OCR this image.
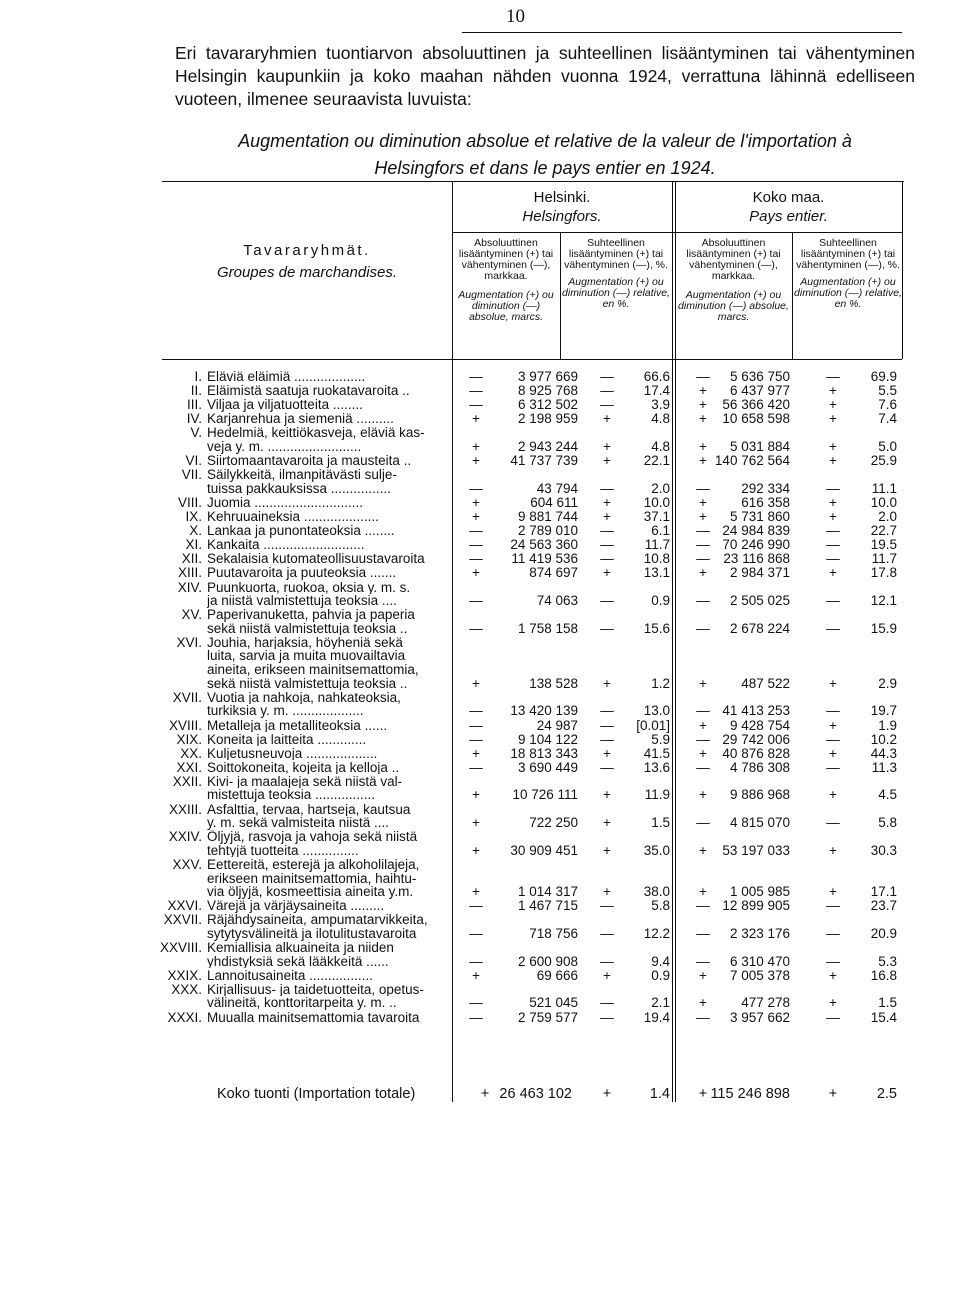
10
Eri tavararyhmien tuontiarvon absoluuttinen ja suhteellinen lisääntyminen tai vähentyminen Helsingin kaupunkiin ja koko maahan nähden vuonna 1924, verrattuna lähinnä edelliseen vuoteen, ilmenee seuraavista luvuista:
Augmentation ou diminution absolue et relative de la valeur de l'importation à
Helsingfors et dans le pays entier en 1924.
Tavararyhmät.
Groupes de marchandises.
Helsinki.
Helsingfors.
Koko maa.
Pays entier.
Absoluuttinen lisääntyminen (+) tai vähentyminen (—), markkaa.
Augmentation (+) ou diminution (—) absolue, marcs.
Suhteellinen lisääntyminen (+) tai vähentyminen (—), %.
Augmentation (+) ou diminution (—) relative, en %.
Absoluuttinen lisääntyminen (+) tai vähentyminen (—), markkaa.
Augmentation (+) ou diminution (—) absolue, marcs.
Suhteellinen lisääntyminen (+) tai vähentyminen (—), %.
Augmentation (+) ou diminution (—) relative, en %.
I. Eläviä eläimiä ...................	—	3 977 669 — 66.6 — 5 636 750	— 69.9
II. Eläimistä saatuja ruokatavaroita ..	—	8 925 768 — 17.4	+	6 437 977	+	5.5
III. Viljaa ja viljatuotteita ........	—	6 312 502 —	3.9	+	56 366 420	+	7.6
IV. Karjanrehua ja siemeniä ..........	+	2 198 959	+	4.8	+	10 658 598	+	7.4
V. Hedelmiä, keittiökasveja, eläviä kas-
veja y. m. .........................	+	2 943 244	+	4.8	+	5 031 884	+	5.0
VI. Siirtomaantavaroita ja mausteita ..	+	41 737 739	+	22.1	+ 140 762 564	+	25.9
VII. Säilykkeitä, ilmanpitävästi sulje-
tuissa pakkauksissa ................	—	43 794 —	2.0 — 292 334	— 11.1
VIII. Juomia .............................	+	604 611	+	10.0	+	616 358	+	10.0
IX. Kehruuaineksia ....................	+	9 881 744	+	37.1	+	5 731 860	+	2.0
X. Lankaa ja punontateoksia ........	—	2 789 010 —	6.1 — 24 984 839	— 22.7
XI. Kankaita ...........................	— 24 563 360 — 11.7 — 70 246 990	— 19.5
XII. Sekalaisia kutomateollisuustavaroita	— 11 419 536 — 10.8 — 23 116 868	— 11.7
XIII. Puutavaroita ja puuteoksia .......	+	874 697	+	13.1	+	2 984 371	+	17.8
XIV. Puunkuorta, ruokoa, oksia y. m. s.
ja niistä valmistettuja teoksia ....	—	74 063 —	0.9 — 2 505 025	— 12.1
XV. Paperivanuketta, pahvia ja paperia
sekä niistä valmistettuja teoksia ..	—	1 758 158 — 15.6 — 2 678 224	— 15.9
XVI. Jouhia, harjaksia, höyheniä sekä
luita, sarvia ja muita muovailtavia
aineita, erikseen mainitsemattomia,
sekä niistä valmistettuja teoksia ..	+	138 528	+	1.2	+	487 522	+	2.9
XVII. Vuotia ja nahkoja, nahkateoksia,
turkiksia y. m. ...................	— 13 420 139 — 13.0 — 41 413 253	— 19.7
XVIII. Metalleja ja metalliteoksia ......	—	24 987 — [0.01]	+	9 428 754	+	1.9
XIX. Koneita ja laitteita .............	—	9 104 122 —	5.9 — 29 742 006	— 10.2
XX. Kuljetusneuvoja ...................	+	18 813 343	+	41.5	+	40 876 828	+	44.3
XXI. Soittokoneita, kojeita ja kelloja ..	—	3 690 449 — 13.6 — 4 786 308	— 11.3
XXII. Kivi- ja maalajeja sekä niistä val-
mistettuja teoksia ................	+	10 726 111	+	11.9	+	9 886 968	+	4.5
XXIII. Asfalttia, tervaa, hartseja, kautsua
y. m. sekä valmisteita niistä ....	+	722 250	+	1.5 — 4 815 070	—	5.8
XXIV. Öljyjä, rasvoja ja vahoja sekä niistä
tehtyjä tuotteita ...............	+	30 909 451	+	35.0	+	53 197 033	+	30.3
XXV. Eettereitä, esterejä ja alkoholilajeja,
erikseen mainitsemattomia, haihtu-
via öljyjä, kosmeettisia aineita y.m.	+	1 014 317	+	38.0	+	1 005 985	+	17.1
XXVI. Värejä ja värjäysaineita .........	—	1 467 715 —	5.8 — 12 899 905	— 23.7
XXVII. Räjähdysaineita, ampumatarvikkeita,
sytytysvälineitä ja ilotulitustavaroita	—	718 756 — 12.2 — 2 323 176	— 20.9
XXVIII. Kemiallisia alkuaineita ja niiden
yhdistyksiä sekä lääkkeitä ......	—	2 600 908 —	9.4 — 6 310 470	—	5.3
XXIX. Lannoitusaineita .................	+	69 666	+	0.9	+	7 005 378	+	16.8
XXX. Kirjallisuus- ja taidetuotteita, opetus-
välineitä, konttoritarpeita y. m. ..	—	521 045 —	2.1	+	477 278	+	1.5
XXXI. Muualla mainitsemattomia tavaroita	—	2 759 577 — 19.4 — 3 957 662	— 15.4
Koko tuonti (Importation totale)	+ 26 463 102	+	1.4	+ 115 246 898	+	2.5
